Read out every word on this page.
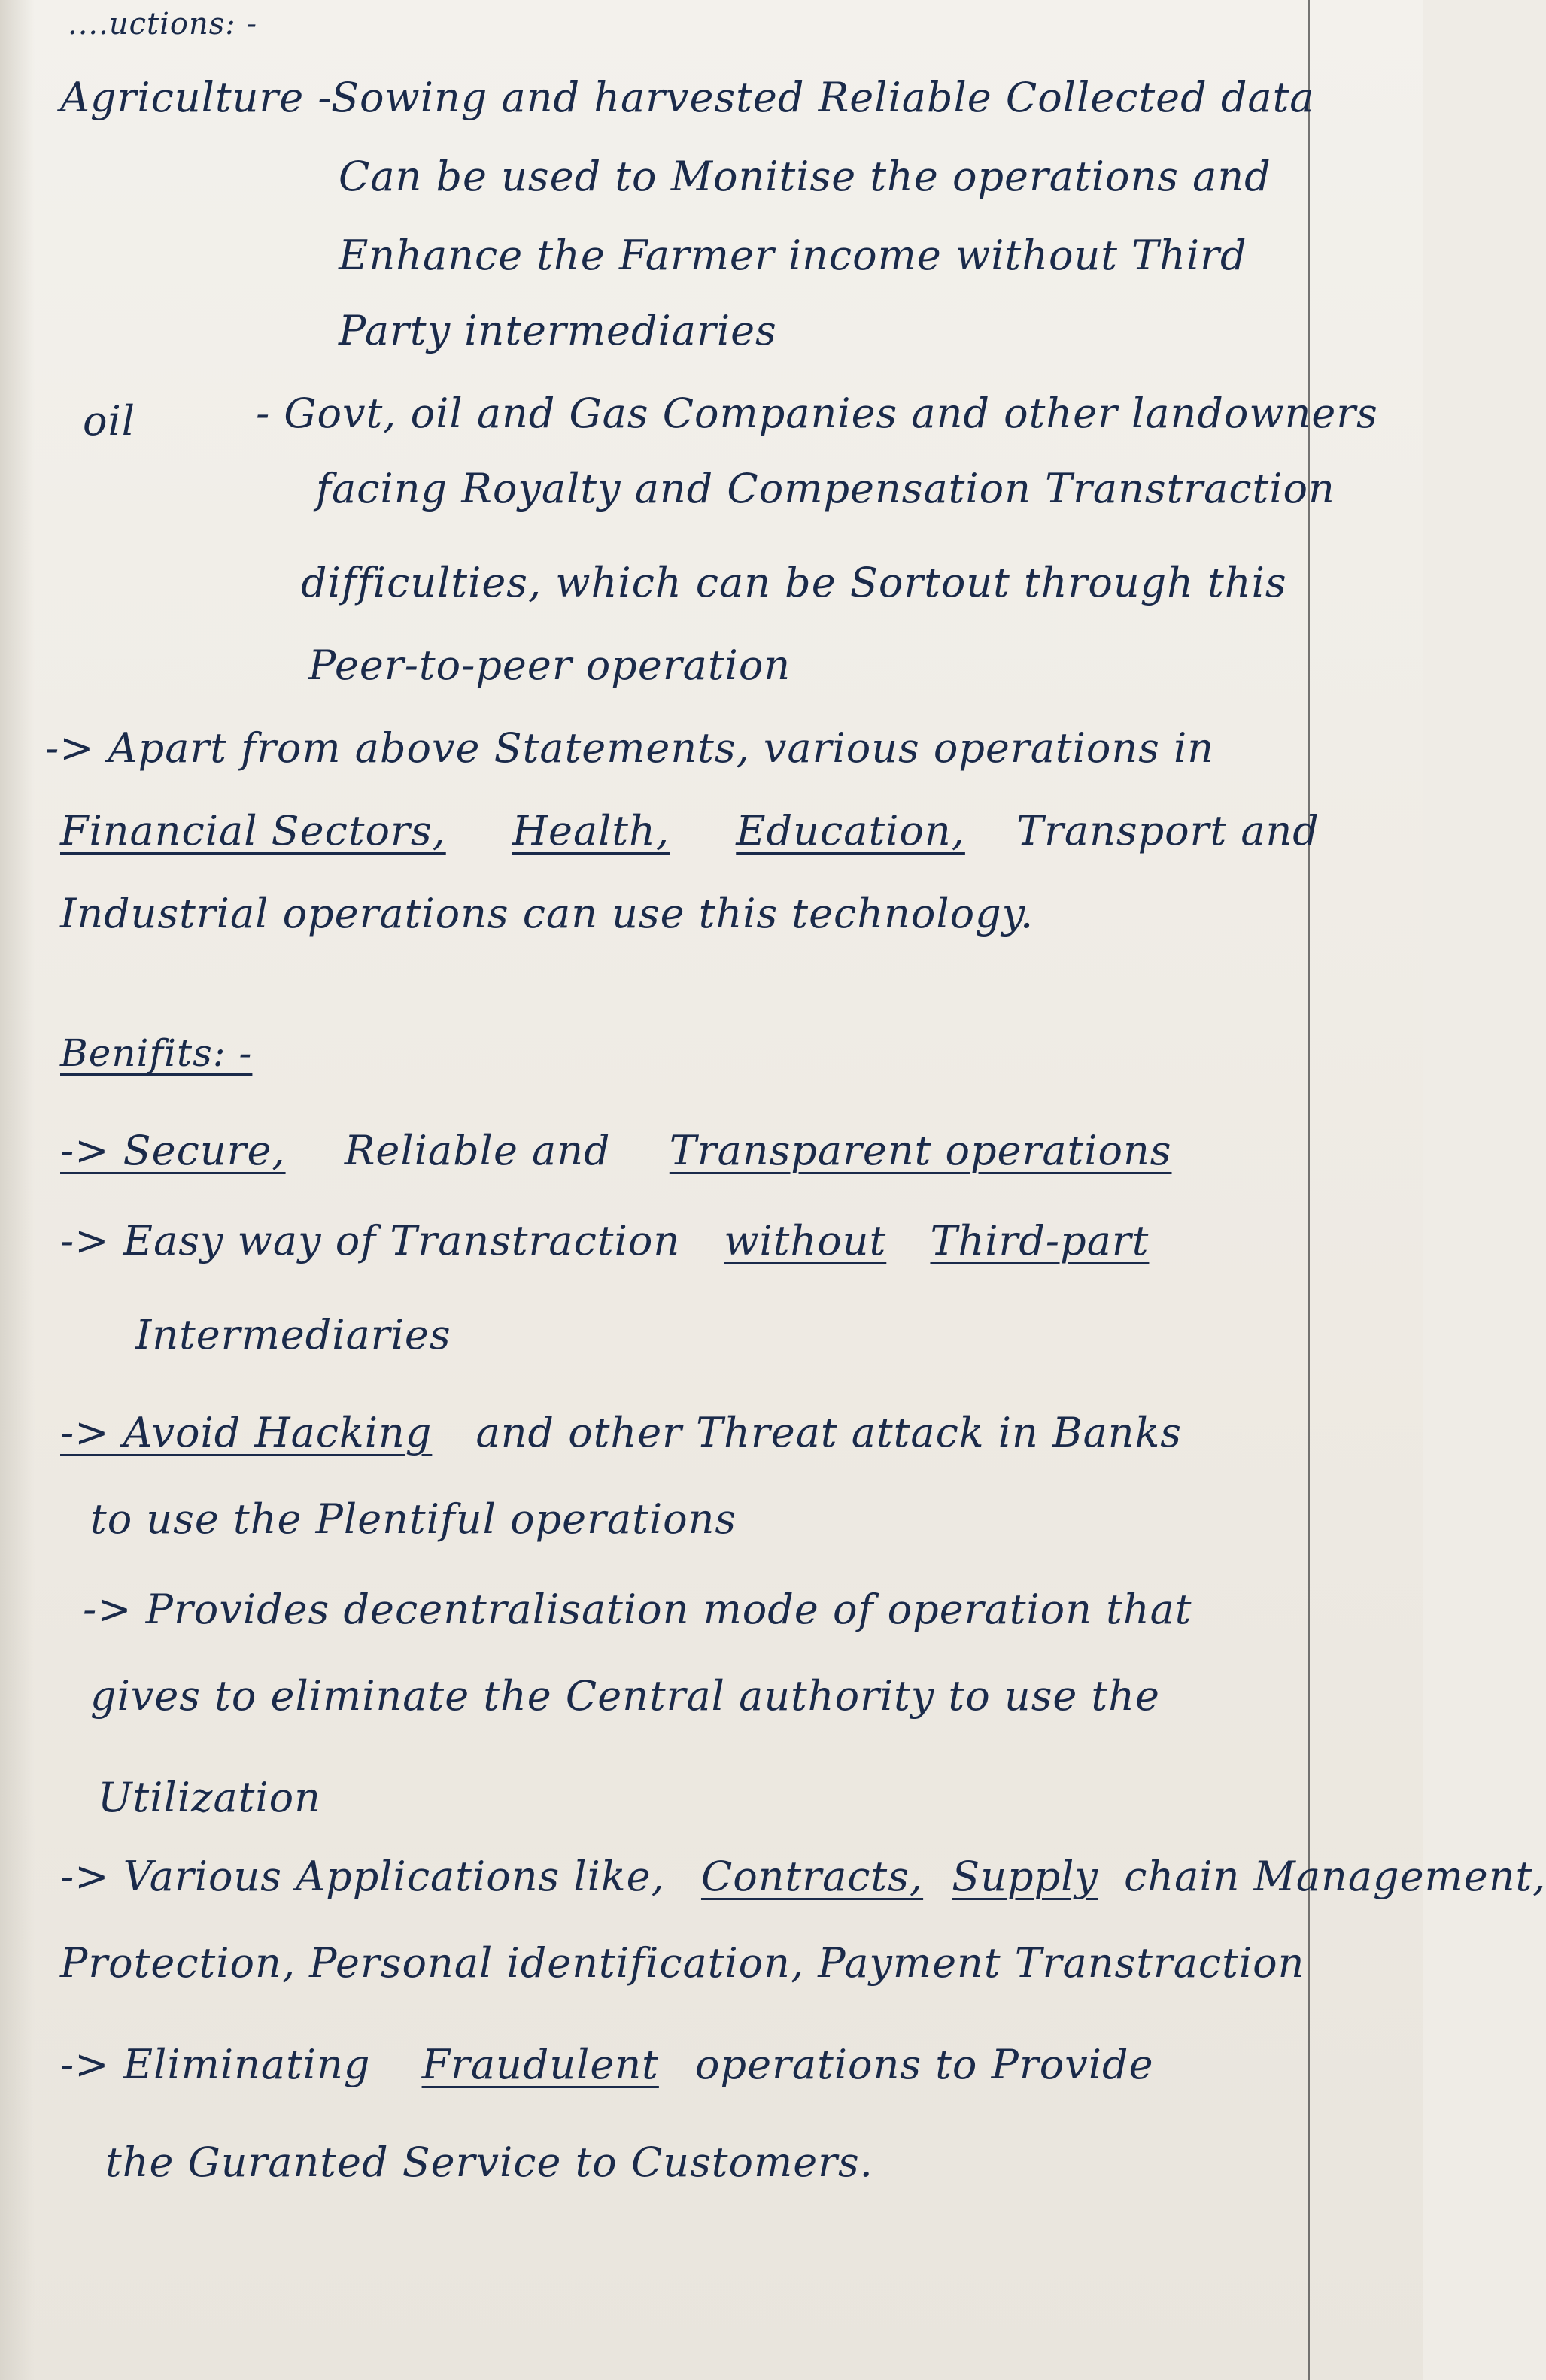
....uctions: -
Agriculture -
Sowing and harvested Reliable Collected data
Can be used to Monitise the operations and
Enhance the Farmer income without Third
Party intermediaries
oil	- Govt, oil and Gas Companies and other landowners
facing Royalty and Compensation Transtraction
difficulties, which can be Sortout through this
Peer-to-peer operation
-> Apart from above Statements, various operations in
Financial Sectors, Health, Education, Transport and
Industrial operations can use this technology.
Benifits: -
-> Secure, Reliable and Transparent operations
-> Easy way of Transtraction without Third-part
Intermediaries
-> Avoid Hacking and other Threat attack in Banks
to use the Plentiful operations
-> Provides decentralisation mode of operation that
gives to eliminate the Central authority to use the
Utilization
-> Various Applications like, Contracts, Supply chain Management,
Protection, Personal identification, Payment Transtraction
-> Eliminating Fraudulent operations to Provide
the Guranted Service to Customers.
